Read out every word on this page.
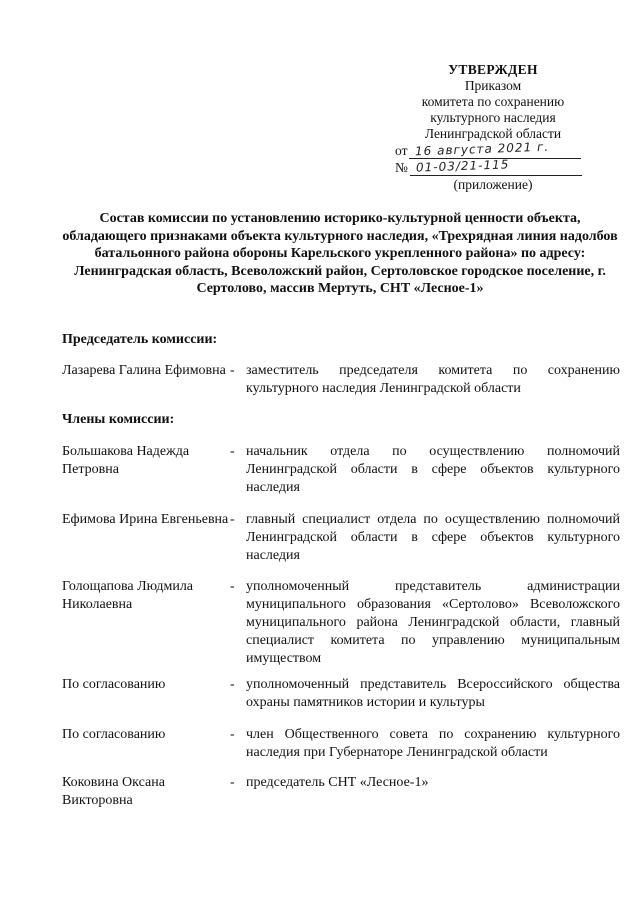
УТВЕРЖДЕН
Приказом
комитета по сохранению
культурного наследия
Ленинградской области
от 16 августа 2021 г.
№ 01-03/21-115
(приложение)
Состав комиссии по установлению историко-культурной ценности объекта, обладающего признаками объекта культурного наследия, «Трехрядная линия надолбов батальонного района обороны Карельского укрепленного района» по адресу: Ленинградская область, Всеволожский район, Сертоловское городское поселение, г. Сертолово, массив Мертуть, СНТ «Лесное-1»
Председатель комиссии:
Лазарева Галина Ефимовна - заместитель председателя комитета по сохранению культурного наследия Ленинградской области
Члены комиссии:
Большакова Надежда Петровна
- начальник отдела по осуществлению полномочий Ленинградской области в сфере объектов культурного наследия
Ефимова Ирина Евгеньевна - главный специалист отдела по осуществлению полномочий Ленинградской области в сфере объектов культурного наследия
Голощапова Людмила Николаевна
- уполномоченный представитель администрации муниципального образования «Сертолово» Всеволожского муниципального района Ленинградской области, главный специалист комитета по управлению муниципальным имуществом
По согласованию	- уполномоченный представитель Всероссийского общества охраны памятников истории и культуры
По согласованию	- член Общественного совета по сохранению культурного наследия при Губернаторе Ленинградской области
Коковина Оксана Викторовна
- председатель СНТ «Лесное-1»
